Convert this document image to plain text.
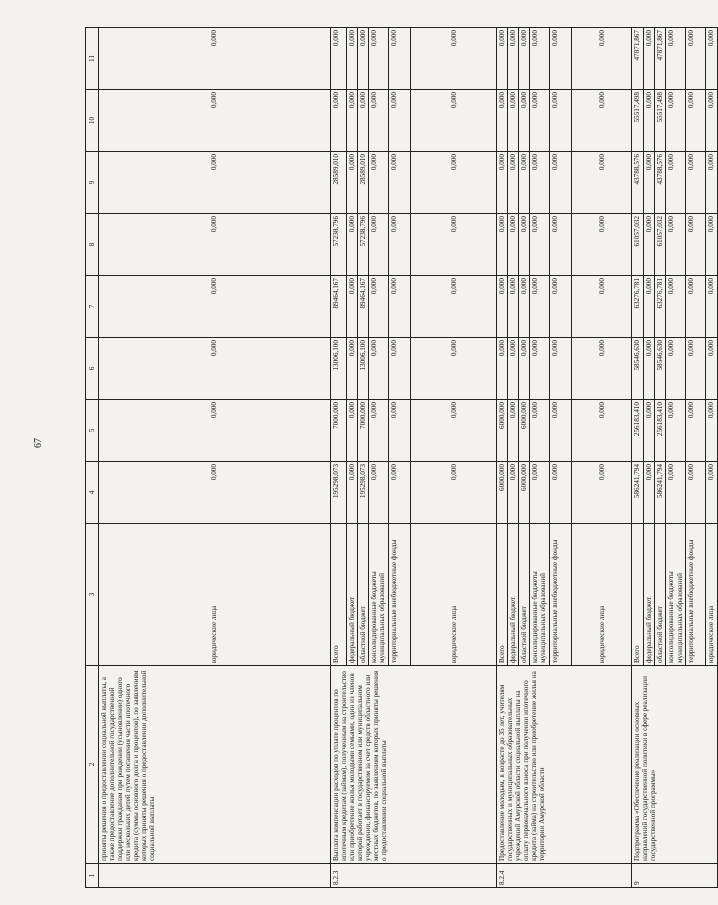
67
1	2	3	4	5	6	7	8	9	10	11
	приняты решения о предоставлении социальной выплаты, а также предоставление дополнительной государственной поддержки гражданам при рождении (усыновлении) одного или нескольких детей путем погашения части ипотечного кредита (суммы основного долга и процентов), по заявлениям которых приняты решения о предоставлении дополнительной социальной выплаты	юридические лица	0,000	0,000	0,000	0,000	0,000	0,000	0,000	0,000
8.2.3	Выплата компенсации расходов по уплате процентов по ипотечным кредитам (займам), полученным на строительство или приобретение жилья молодыми семьями, один из членов которой работает в государственном или муниципальном учреждении, финансируемом за счет средств областного или местных бюджетов, по заявлениям которых приняты решения о предоставлении социальной выплаты	Всего	195298,073	7000,000	13006,100	89464,167	57238,796	28589,010	0,000	0,000
		федеральный бюджет	0,000	0,000	0,000	0,000	0,000	0,000	0,000	0,000
		областной бюджет	195298,073	7000,000	13006,100	89464,167	57238,796	28589,010	0,000	0,000
		консолидированные бюджеты муниципальных образований	0,000	0,000	0,000	0,000	0,000	0,000	0,000	0,000
		территориальные внебюджетные фонды	0,000	0,000	0,000	0,000	0,000	0,000	0,000	0,000
		юридические лица	0,000	0,000	0,000	0,000	0,000	0,000	0,000	0,000
8.2.4	Предоставление молодым, в возрасте до 35 лет, учителям государственных и муниципальных образовательных учреждений Амурской области социальной выплаты на оплату первоначального взноса при получении ипотечного кредита (займа) на строительство или приобретение жилья на территории Амурской области	Всего	6000,000	6000,000	0,000	0,000	0,000	0,000	0,000	0,000
		федеральный бюджет	0,000	0,000	0,000	0,000	0,000	0,000	0,000	0,000
		областной бюджет	6000,000	6000,000	0,000	0,000	0,000	0,000	0,000	0,000
		консолидированные бюджеты муниципальных образований	0,000	0,000	0,000	0,000	0,000	0,000	0,000	0,000
		территориальные внебюджетные фонды	0,000	0,000	0,000	0,000	0,000	0,000	0,000	0,000
		юридические лица	0,000	0,000	0,000	0,000	0,000	0,000	0,000	0,000
9	Подпрограмма «Обеспечение реализации основных направлений государственной политики в сфере реализации государственной программы»	Всего	586241,794	256183,410	58546,630	63276,781	61057,032	43788,576	55517,498	47871,867
		федеральный бюджет	0,000	0,000	0,000	0,000	0,000	0,000	0,000	0,000
		областной бюджет	586241,794	256183,410	58546,630	63276,781	61057,032	43788,576	55517,498	47871,867
		консолидированные бюджеты муниципальных образований	0,000	0,000	0,000	0,000	0,000	0,000	0,000	0,000
		территориальные внебюджетные фонды	0,000	0,000	0,000	0,000	0,000	0,000	0,000	0,000
		юридические лица	0,000	0,000	0,000	0,000	0,000	0,000	0,000	0,000
